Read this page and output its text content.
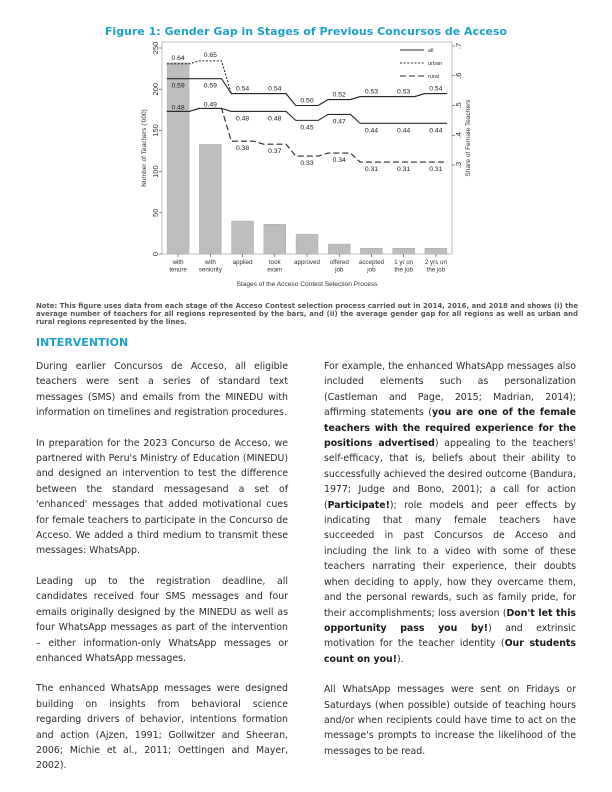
Figure 1: Gender Gap in Stages of Previous Concursos de Acceso
0
50
100
150
200
250
Number of Teachers ('000)	.3
.4
.5
.6
.7
Share of Female Teachers
with
tenure
with
seniority
applied	took
exam
approved offered
job
accepted
job
1 yr on
the job
2 yrs on
the job
Stages of the Acceso Contest Selection Process
0.64	0.65
0.59	0.59	0.54	0.54
0.50
0.52	0.53	0.53	0.54
0.48	0.49
0.48	0.48
0.45
0.47
0.44	0.44	0.44
0.38	0.37
0.33	0.34
0.31	0.31	0.31
all
urban
rural
Note: This figure uses data from each stage of the Acceso Contest selection process carried out in 2014, 2016, and 2018 and shows (i) the average number of teachers for all regions represented by the bars, and (ii) the average gender gap for all regions as well as urban and rural regions represented by the lines.
INTERVENTION

During earlier Concursos de Acceso, all eligible teachers were sent a series of standard text messages (SMS) and emails from the MINEDU with information on timelines and registration procedures.

In preparation for the 2023 Concurso de Acceso, we partnered with Peru's Ministry of Education (MINEDU) and designed an intervention to test the difference between the standard messagesand a set of 'enhanced' messages that added motivational cues for female teachers to participate in the Concurso de Acceso. We added a third medium to transmit these messages: WhatsApp.

Leading up to the registration deadline, all candidates received four SMS messages and four emails originally designed by the MINEDU as well as four WhatsApp messages as part of the intervention – either information-only WhatsApp messages or enhanced WhatsApp messages.

The enhanced WhatsApp messages were designed building on insights from behavioral science regarding drivers of behavior, intentions formation and action (Ajzen, 1991; Gollwitzer and Sheeran, 2006; Michie et al., 2011; Oettingen and Mayer, 2002).

For example, the enhanced WhatsApp messages also included elements such as personalization (Castleman and Page, 2015; Madrian, 2014); affirming statements (you are one of the female teachers with the required experience for the positions advertised) appealing to the teachers' self-efficacy, that is, beliefs about their ability to successfully achieved the desired outcome (Bandura, 1977; Judge and Bono, 2001); a call for action (Participate!); role models and peer effects by indicating that many female teachers have succeeded in past Concursos de Acceso and including the link to a video with some of these teachers narrating their experience, their doubts when deciding to apply, how they overcame them, and the personal rewards, such as family pride, for their accomplishments; loss aversion (Don't let this opportunity pass you by!) and extrinsic motivation for the teacher identity (Our students count on you!).

All WhatsApp messages were sent on Fridays or Saturdays (when possible) outside of teaching hours and/or when recipients could have time to act on the message's prompts to increase the likelihood of the messages to be read.
